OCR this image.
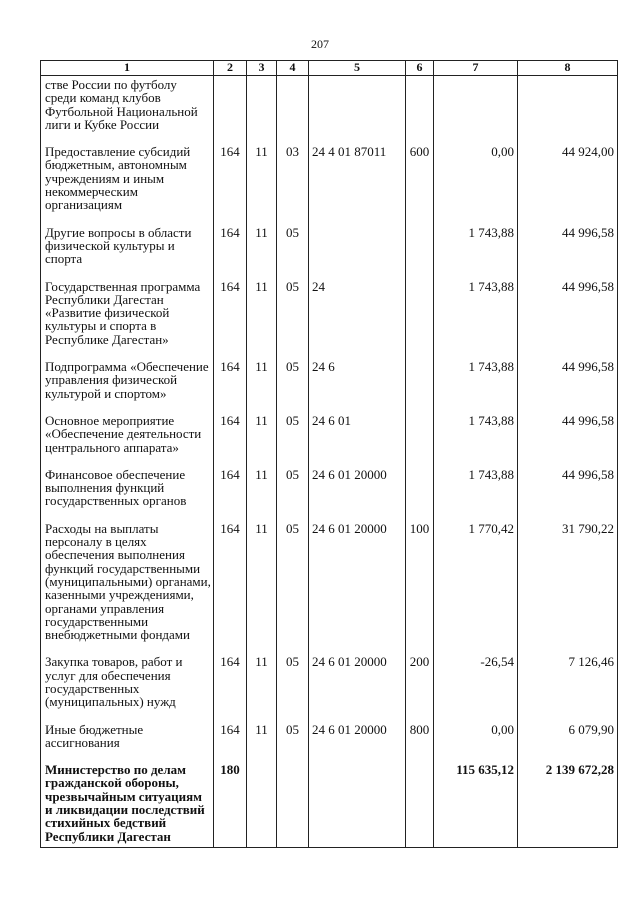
207
1	2	3	4	5	6	7	8
стве России по футболу среди команд клубов Футбольной Национальной лиги и Кубке России							
Предоставление субсидий бюджетным, автономным учреждениям и иным некоммерческим организациям	164	11	03	24 4 01 87011	600	0,00	44 924,00
Другие вопросы в области физической культуры и спорта	164	11	05			1 743,88	44 996,58
Государственная программа Республики Дагестан «Развитие физической культуры и спорта в Республике Дагестан»	164	11	05	24		1 743,88	44 996,58
Подпрограмма «Обеспечение управления физической культурой и спортом»	164	11	05	24 6		1 743,88	44 996,58
Основное мероприятие «Обеспечение деятельности центрального аппарата»	164	11	05	24 6 01		1 743,88	44 996,58
Финансовое обеспечение выполнения функций государственных органов	164	11	05	24 6 01 20000		1 743,88	44 996,58
Расходы на выплаты персоналу в целях обеспечения выполнения функций государственными (муниципальными) органами, казенными учреждениями, органами управления государственными внебюджетными фондами	164	11	05	24 6 01 20000	100	1 770,42	31 790,22
Закупка товаров, работ и услуг для обеспечения государственных (муниципальных) нужд	164	11	05	24 6 01 20000	200	-26,54	7 126,46
Иные бюджетные ассигнования	164	11	05	24 6 01 20000	800	0,00	6 079,90
Министерство по делам гражданской обороны, чрезвычайным ситуациям и ликвидации последствий стихийных бедствий Республики Дагестан	180					115 635,12	2 139 672,28
